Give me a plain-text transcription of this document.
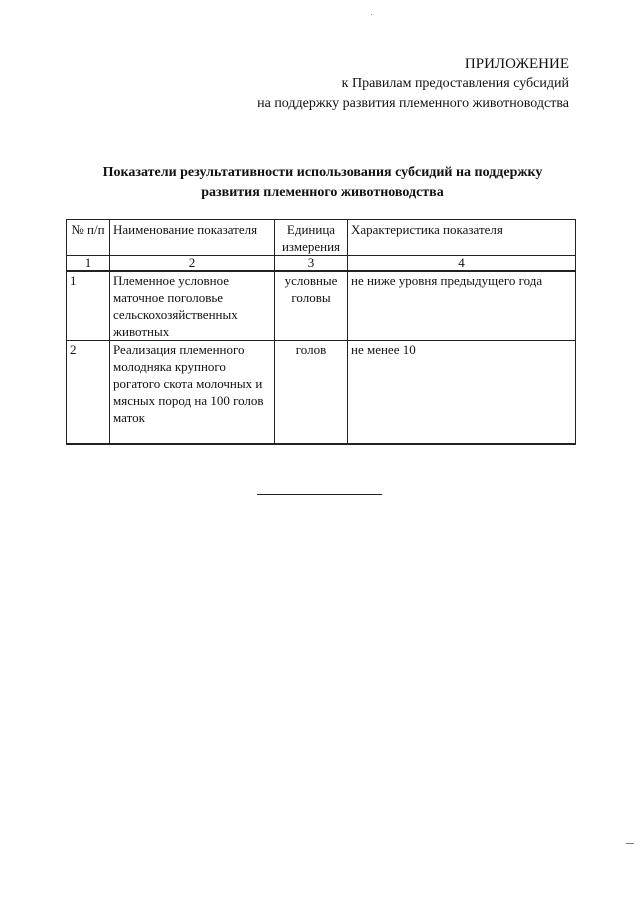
ПРИЛОЖЕНИЕ
к Правилам предоставления субсидий
на поддержку развития племенного животноводства
Показатели результативности использования субсидий на поддержку
развития племенного животноводства
№ п/п	Наименование показателя	Единица измерения	Характеристика показателя
1	2	3	4
1	Племенное условное маточное поголовье сельскохозяйственных животных	условные головы	не ниже уровня предыдущего года
2	Реализация племенного молодняка крупного рогатого скота молочных и мясных пород на 100 голов маток	голов	не менее 10
